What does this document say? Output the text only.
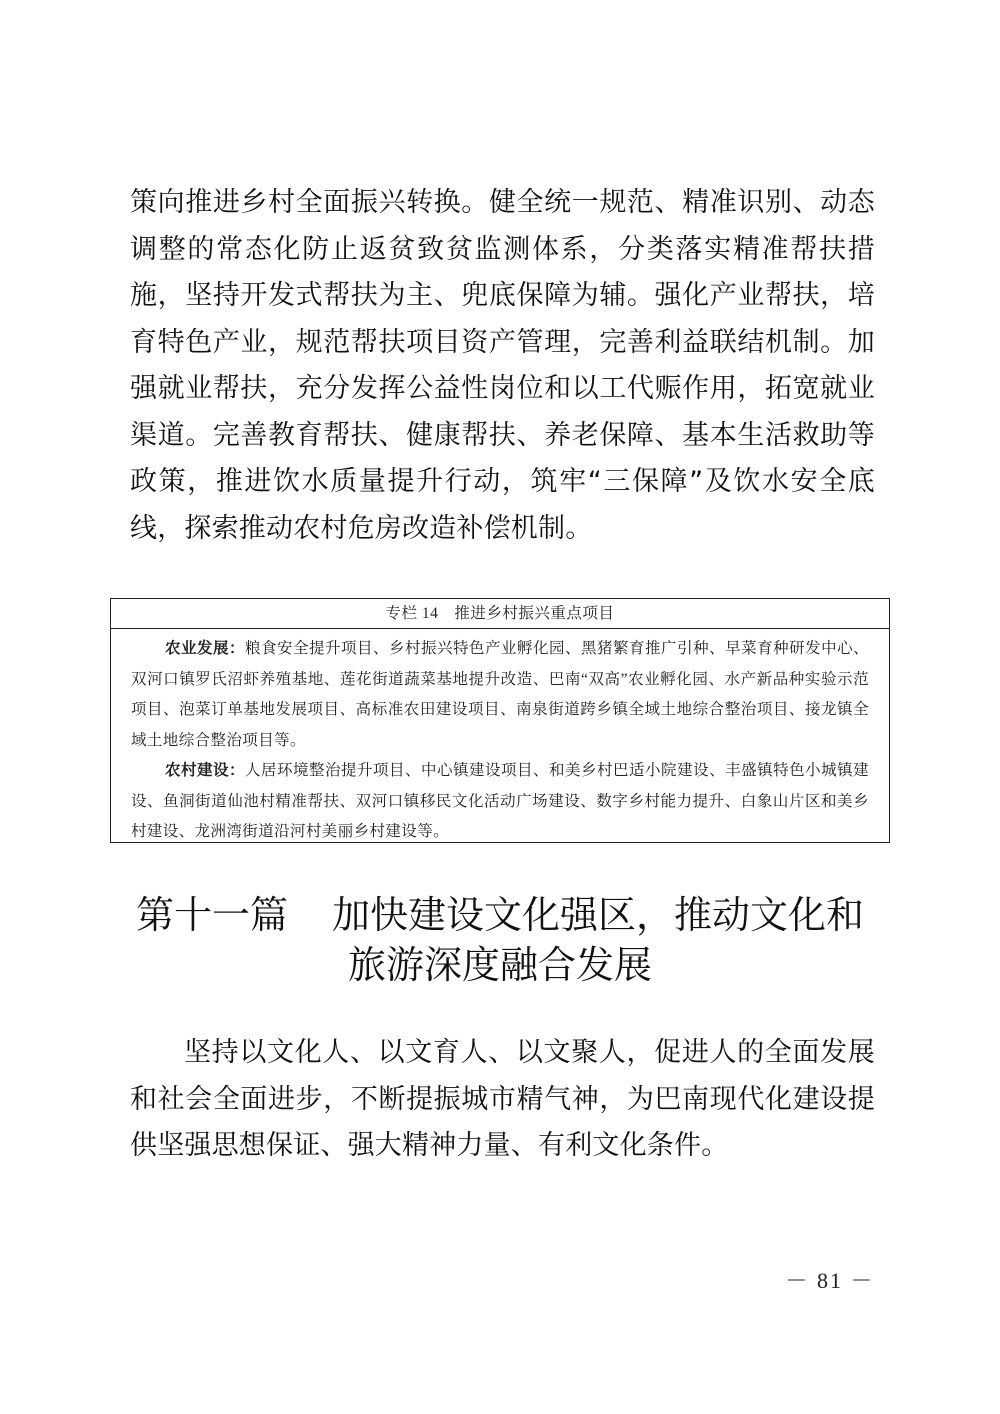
策向推进乡村全面振兴转换。健全统一规范、精准识别、动态调整的常态化防止返贫致贫监测体系，分类落实精准帮扶措施，坚持开发式帮扶为主、兜底保障为辅。强化产业帮扶，培育特色产业，规范帮扶项目资产管理，完善利益联结机制。加强就业帮扶，充分发挥公益性岗位和以工代赈作用，拓宽就业渠道。完善教育帮扶、健康帮扶、养老保障、基本生活救助等政策，推进饮水质量提升行动，筑牢“三保障”及饮水安全底线，探索推动农村危房改造补偿机制。

专栏 14　推进乡村振兴重点项目

农业发展：粮食安全提升项目、乡村振兴特色产业孵化园、黑猪繁育推广引种、早菜育种研发中心、双河口镇罗氏沼虾养殖基地、莲花街道蔬菜基地提升改造、巴南“双高”农业孵化园、水产新品种实验示范项目、泡菜订单基地发展项目、高标准农田建设项目、南泉街道跨乡镇全域土地综合整治项目、接龙镇全域土地综合整治项目等。

农村建设：人居环境整治提升项目、中心镇建设项目、和美乡村巴适小院建设、丰盛镇特色小城镇建设、鱼洞街道仙池村精准帮扶、双河口镇移民文化活动广场建设、数字乡村能力提升、白象山片区和美乡村建设、龙洲湾街道沿河村美丽乡村建设等。

第十一篇 加快建设文化强区，推动文化和
旅游深度融合发展

坚持以文化人、以文育人、以文聚人，促进人的全面发展和社会全面进步，不断提振城市精气神，为巴南现代化建设提供坚强思想保证、强大精神力量、有利文化条件。

－ 81 －
